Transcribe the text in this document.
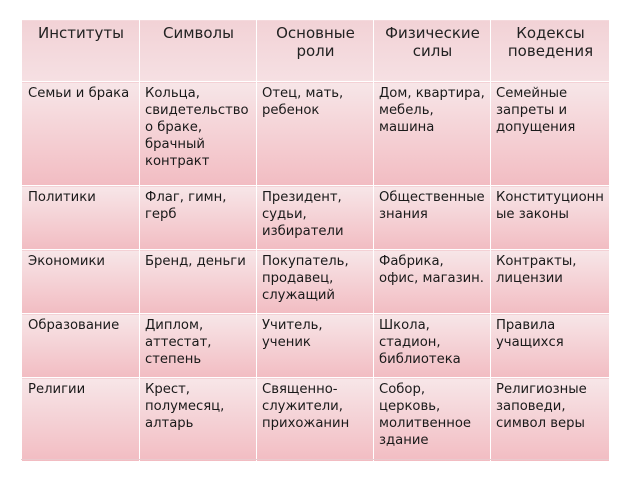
Институты	Символы	Основные роли	Физические силы	Кодексы поведения
Семьи и брака	Кольца, свидетельство о браке, брачный контракт	Отец, мать, ребенок	Дом, квартира, мебель, машина	Семейные запреты и допущения
Политики	Флаг, гимн, герб	Президент, судьи, избиратели	Общественные знания	Конституционные законы
Экономики	Бренд, деньги	Покупатель, продавец, служащий	Фабрика, офис, магазин.	Контракты, лицензии
Образование	Диплом, аттестат, степень	Учитель, ученик	Школа, стадион, библиотека	Правила учащихся
Религии	Крест, полумесяц, алтарь	Священно-служители, прихожанин	Собор, церковь, молитвенное здание	Религиозные заповеди, символ веры
